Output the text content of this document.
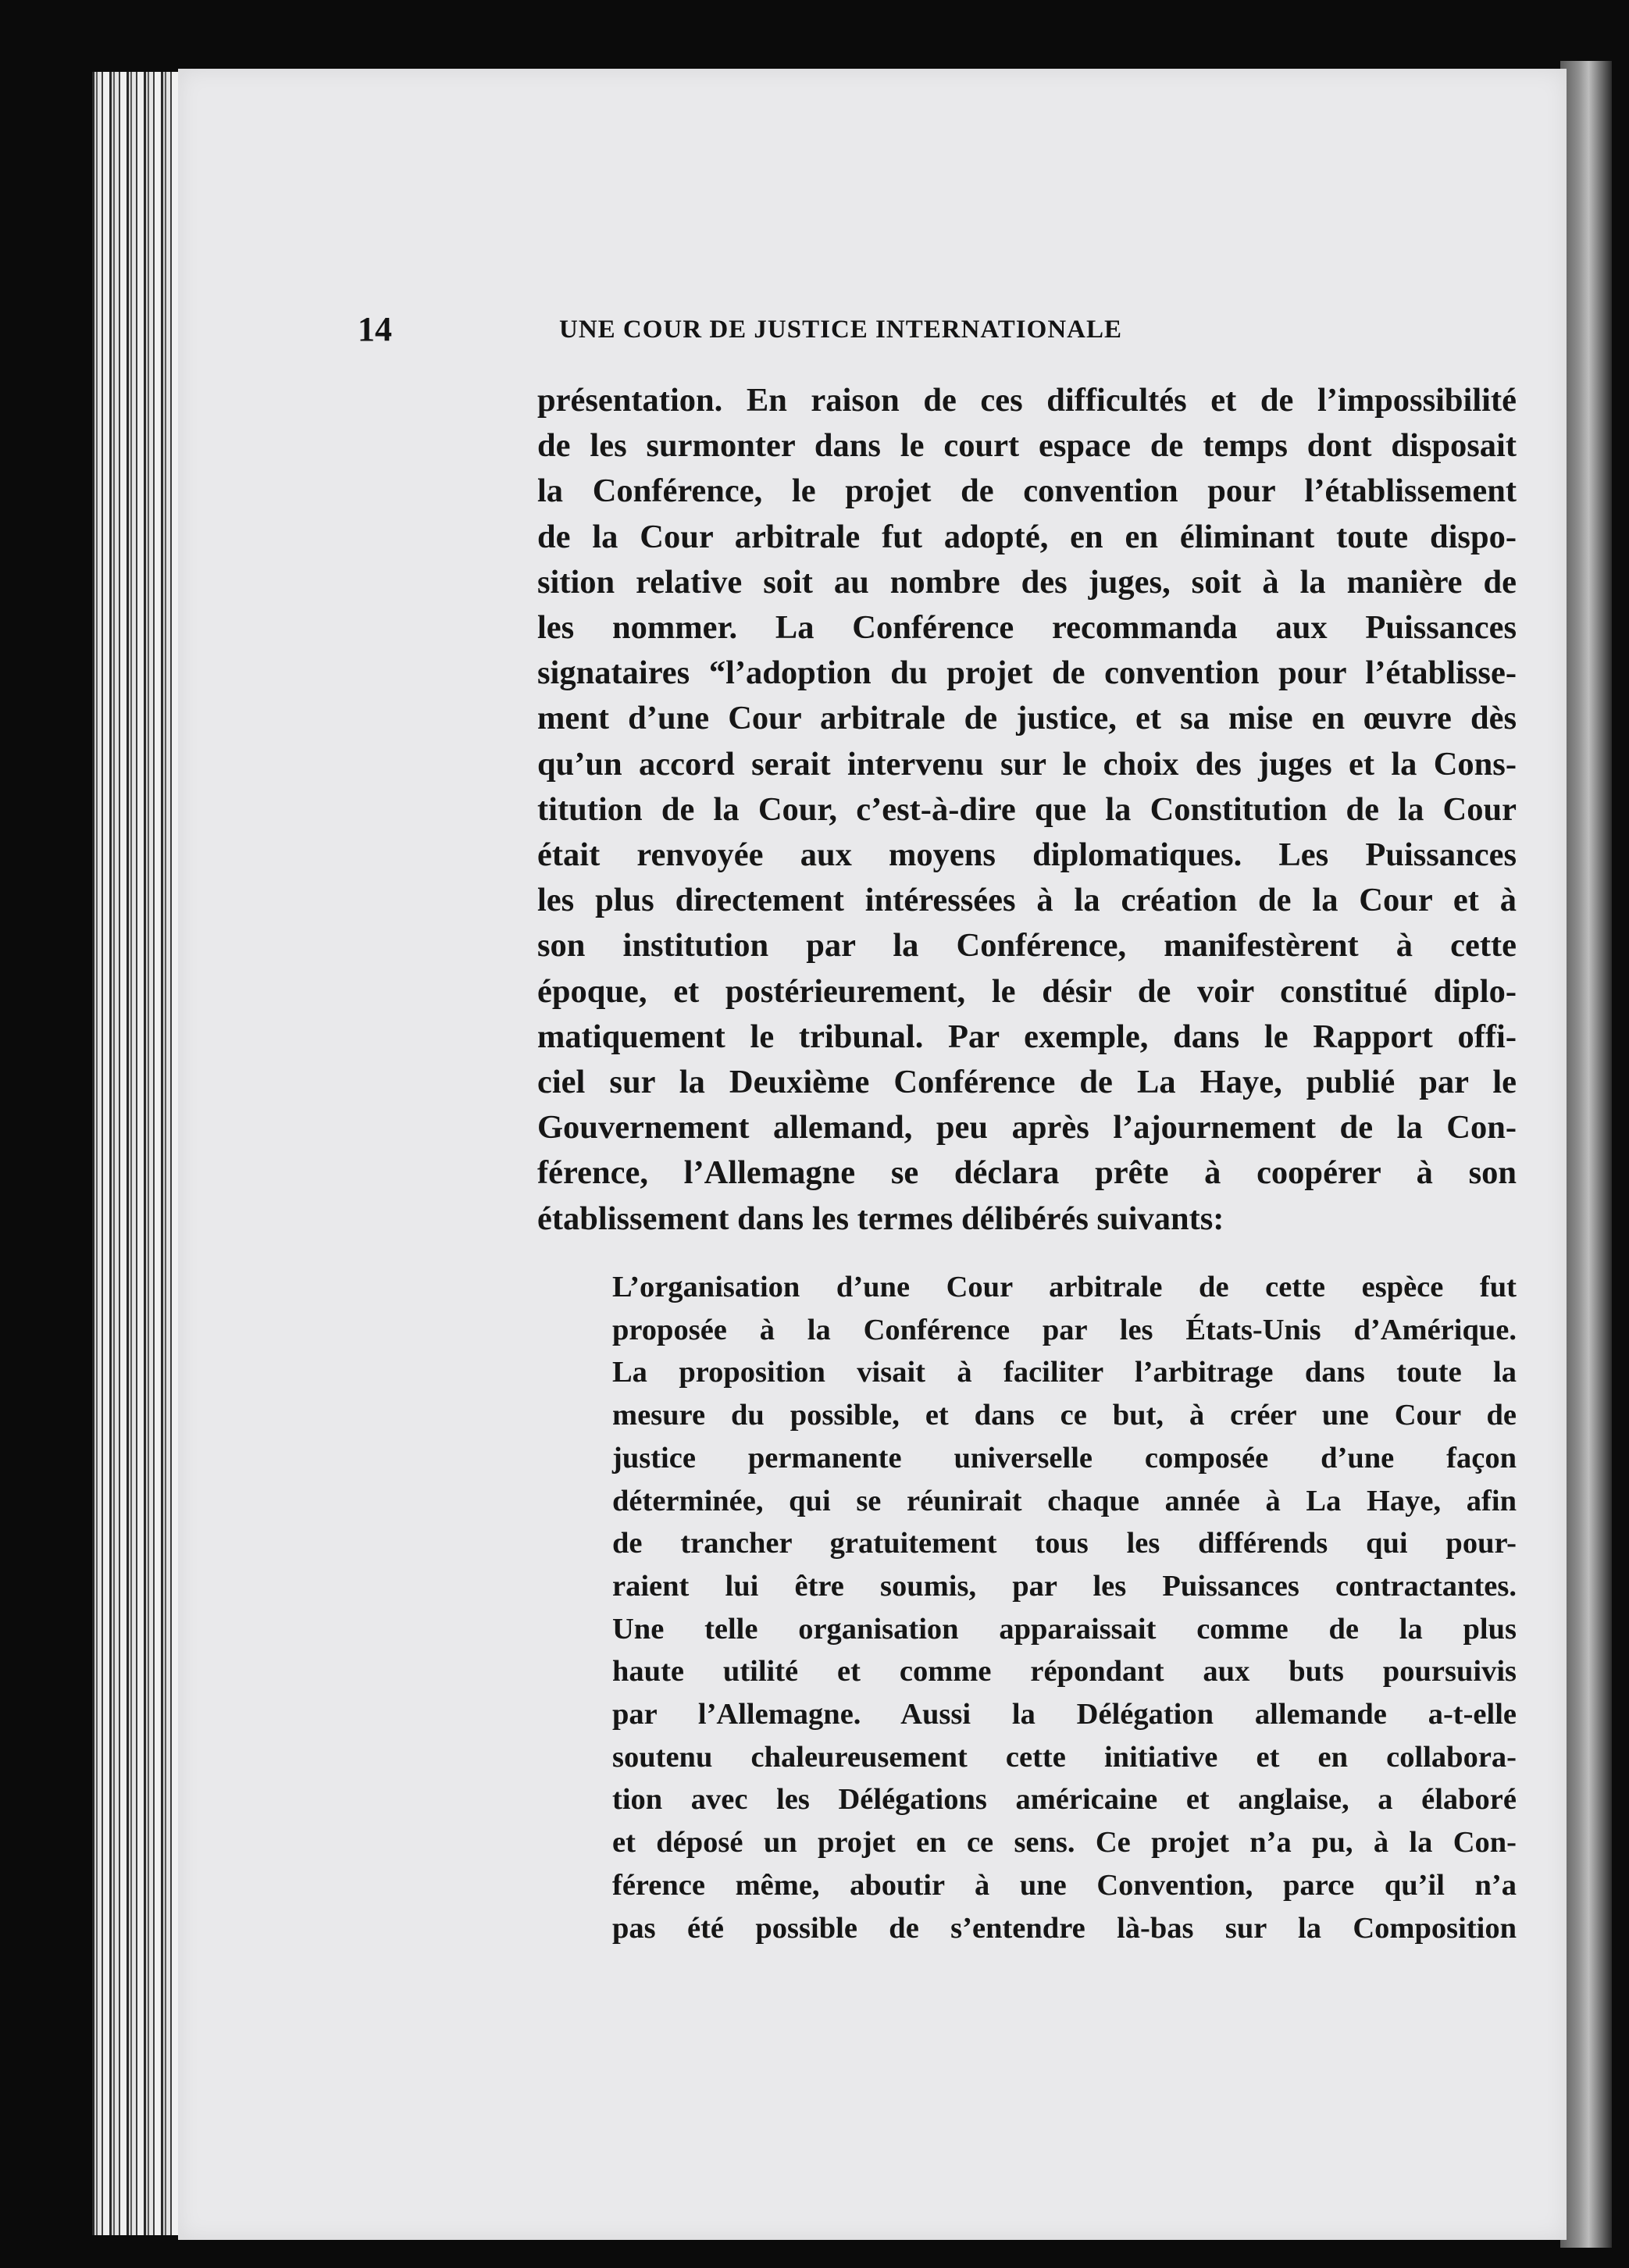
14	UNE COUR DE JUSTICE INTERNATIONALE

présentation. En raison de ces difficultés et de l’impossibilité
de les surmonter dans le court espace de temps dont disposait
la Conférence, le projet de convention pour l’établissement
de la Cour arbitrale fut adopté, en en éliminant toute dispo-
sition relative soit au nombre des juges, soit à la manière de
les nommer. La Conférence recommanda aux Puissances
signataires “l’adoption du projet de convention pour l’établisse-
ment d’une Cour arbitrale de justice, et sa mise en œuvre dès
qu’un accord serait intervenu sur le choix des juges et la Cons-
titution de la Cour, c’est-à-dire que la Constitution de la Cour
était renvoyée aux moyens diplomatiques. Les Puissances
les plus directement intéressées à la création de la Cour et à
son institution par la Conférence, manifestèrent à cette
époque, et postérieurement, le désir de voir constitué diplo-
matiquement le tribunal. Par exemple, dans le Rapport offi-
ciel sur la Deuxième Conférence de La Haye, publié par le
Gouvernement allemand, peu après l’ajournement de la Con-
férence, l’Allemagne se déclara prête à coopérer à son
établissement dans les termes délibérés suivants:

L’organisation d’une Cour arbitrale de cette espèce fut
proposée à la Conférence par les États-Unis d’Amérique.
La proposition visait à faciliter l’arbitrage dans toute la
mesure du possible, et dans ce but, à créer une Cour de
justice permanente universelle composée d’une façon
déterminée, qui se réunirait chaque année à La Haye, afin
de trancher gratuitement tous les différends qui pour-
raient lui être soumis, par les Puissances contractantes.
Une telle organisation apparaissait comme de la plus
haute utilité et comme répondant aux buts poursuivis
par l’Allemagne. Aussi la Délégation allemande a-t-elle
soutenu chaleureusement cette initiative et en collabora-
tion avec les Délégations américaine et anglaise, a élaboré
et déposé un projet en ce sens. Ce projet n’a pu, à la Con-
férence même, aboutir à une Convention, parce qu’il n’a
pas été possible de s’entendre là-bas sur la Composition
